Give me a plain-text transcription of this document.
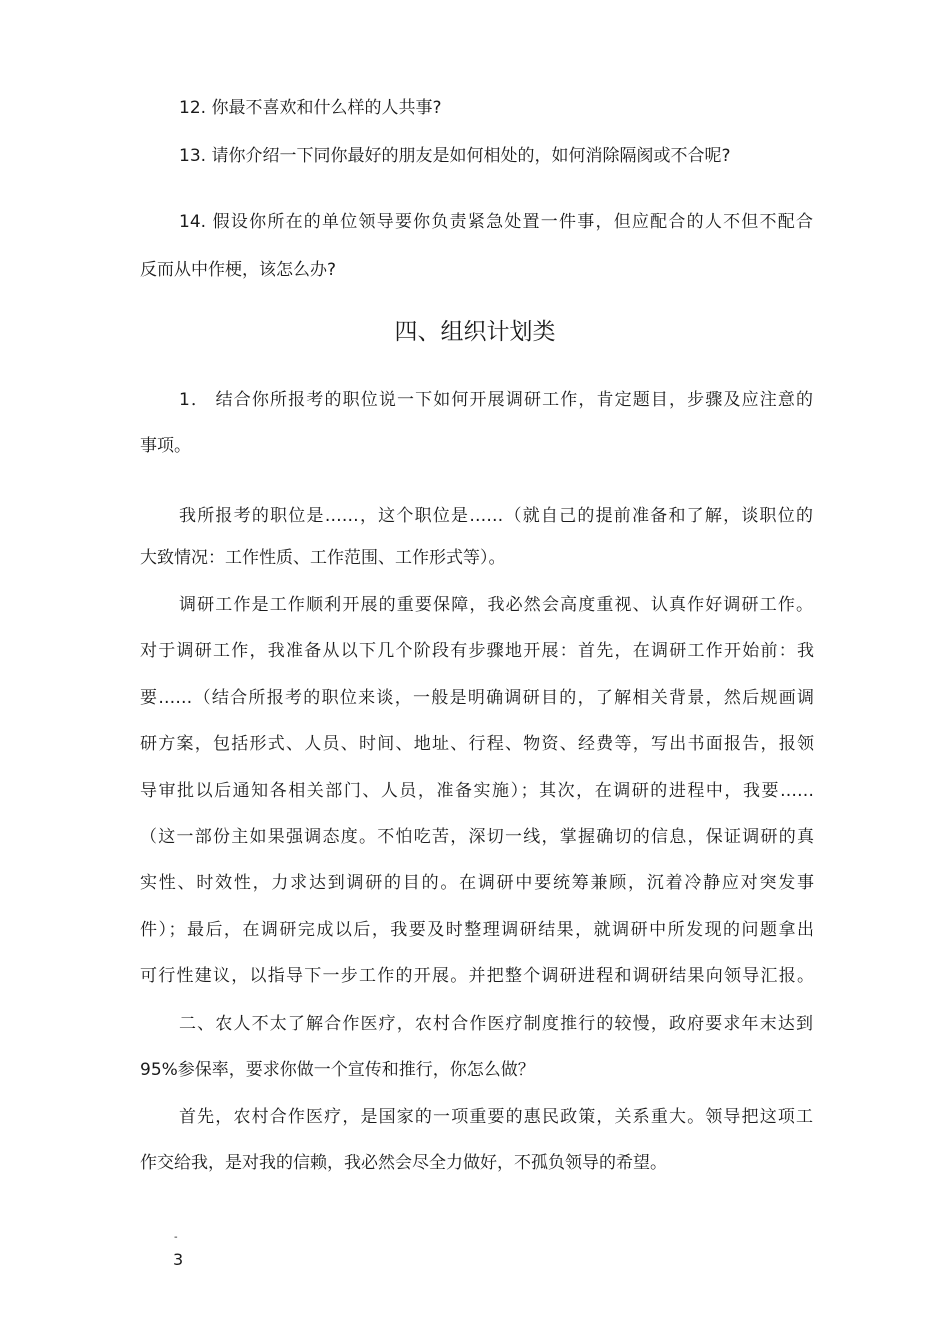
12. 你最不喜欢和什么样的人共事?
13. 请你介绍一下同你最好的朋友是如何相处的，如何消除隔阂或不合呢?
14. 假设你所在的单位领导要你负责紧急处置一件事，但应配合的人不但不配合
反而从中作梗，该怎么办?
四、组织计划类
1． 结合你所报考的职位说一下如何开展调研工作，肯定题目，步骤及应注意的
事项。
我所报考的职位是……，这个职位是……（就自己的提前准备和了解，谈职位的
大致情况：工作性质、工作范围、工作形式等）。
调研工作是工作顺利开展的重要保障，我必然会高度重视、认真作好调研工作。
对于调研工作，我准备从以下几个阶段有步骤地开展：首先，在调研工作开始前：我
要……（结合所报考的职位来谈，一般是明确调研目的，了解相关背景，然后规画调
研方案，包括形式、人员、时间、地址、行程、物资、经费等，写出书面报告，报领
导审批以后通知各相关部门、人员，准备实施）；其次，在调研的进程中，我要……
（这一部份主如果强调态度。不怕吃苦，深切一线，掌握确切的信息，保证调研的真
实性、时效性，力求达到调研的目的。在调研中要统筹兼顾，沉着冷静应对突发事
件）；最后，在调研完成以后，我要及时整理调研结果，就调研中所发现的问题拿出
可行性建议，以指导下一步工作的开展。并把整个调研进程和调研结果向领导汇报。
二、农人不太了解合作医疗，农村合作医疗制度推行的较慢，政府要求年末达到
95%参保率，要求你做一个宣传和推行，你怎么做？
首先，农村合作医疗，是国家的一项重要的惠民政策，关系重大。领导把这项工
作交给我，是对我的信赖，我必然会尽全力做好，不孤负领导的希望。
-
3
